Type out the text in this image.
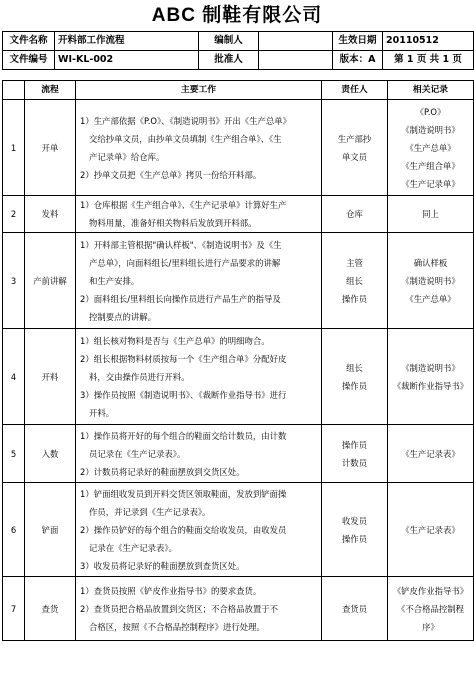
ABC 制鞋有限公司
文件名称	开料部工作流程	编制人		生效日期	20110512
文件编号	WI-KL-002	批准人		版本：A	第 1 页 共 1 页
	流程	主要工作	责任人	相关记录
1	开单	1）生产部依据《P.O》、《制造说明书》开出《生产总单》
交给抄单文员，由抄单文员填制《生产组合单》、《生
产记录单》给仓库。
2）抄单文员把《生产总单》拷贝一份给开料部。	生产部抄
单文员	《P.O》
《制造说明书》
《生产总单》
《生产组合单》
《生产记录单》

2	发料	1）仓库根据《生产组合单》、《生产记录单》计算好生产
物料用量，准备好相关物料后发放到开料部。	仓库	同上

3	产前讲解	1）开料部主管根据"确认样板"、《制造说明书》及《生
产总单》，向面料组长/里料组长进行产品要求的讲解
和生产安排。
2）面料组长/里料组长向操作员进行产品生产的指导及
控制要点的讲解。	主管
组长
操作员	确认样板
《制造说明书》
《生产总单》

4	开料	1）组长核对物料是否与《生产总单》的明细吻合。
2）组长根据物料材质按每一个《生产组合单》分配好皮
料，交由操作员进行开料。
3）操作员按照《制造说明书》、《裁断作业指导书》进行
开料。	组长
操作员	《制造说明书》
《裁断作业指导书》

5	入数	1）操作员将开好的每个组合的鞋面交给计数员，由计数
员记录在《生产记录表》。
2）计数员将记录好的鞋面摆放到交货区处。	操作员
计数员	《生产记录表》

6	铲面	1）铲面组收发员到开料交货区领取鞋面，发放到铲面操
作员，并记录到《生产记录表》。
2）操作员铲好的每个组合的鞋面交给收发员，由收发员
记录在《生产记录表》。
3）收发员将记录好的鞋面摆放到查货区处。	收发员
操作员	《生产记录表》

7	查货	1）查货员按照《铲皮作业指导书》的要求查货。
2）查货员把合格品放置到交货区；不合格品放置于不
合格区，按照《不合格品控制程序》进行处理。	查货员	《铲皮作业指导书》
《不合格品控制程
序》
